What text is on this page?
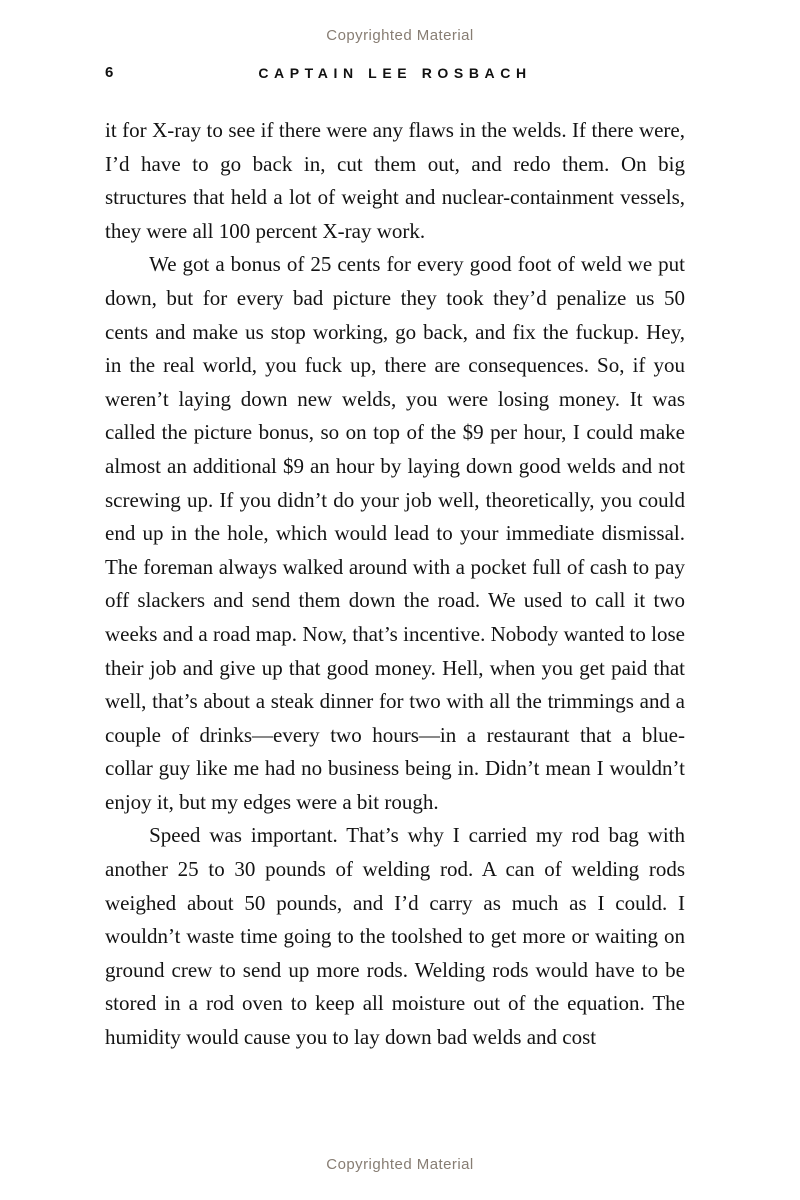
Copyrighted Material
6	CAPTAIN LEE ROSBACH

it for X-ray to see if there were any flaws in the welds. If there were, I’d have to go back in, cut them out, and redo them. On big structures that held a lot of weight and nuclear-containment vessels, they were all 100 percent X-ray work.

We got a bonus of 25 cents for every good foot of weld we put down, but for every bad picture they took they’d penalize us 50 cents and make us stop working, go back, and fix the fuckup. Hey, in the real world, you fuck up, there are consequences. So, if you weren’t laying down new welds, you were losing money. It was called the picture bonus, so on top of the $9 per hour, I could make almost an additional $9 an hour by laying down good welds and not screwing up. If you didn’t do your job well, theoretically, you could end up in the hole, which would lead to your immediate dismissal. The foreman always walked around with a pocket full of cash to pay off slackers and send them down the road. We used to call it two weeks and a road map. Now, that’s incentive. Nobody wanted to lose their job and give up that good money. Hell, when you get paid that well, that’s about a steak dinner for two with all the trimmings and a couple of drinks—every two hours—in a restaurant that a blue-collar guy like me had no business being in. Didn’t mean I wouldn’t enjoy it, but my edges were a bit rough.

Speed was important. That’s why I carried my rod bag with another 25 to 30 pounds of welding rod. A can of welding rods weighed about 50 pounds, and I’d carry as much as I could. I wouldn’t waste time going to the toolshed to get more or waiting on ground crew to send up more rods. Welding rods would have to be stored in a rod oven to keep all moisture out of the equation. The humidity would cause you to lay down bad welds and cost

Copyrighted Material
